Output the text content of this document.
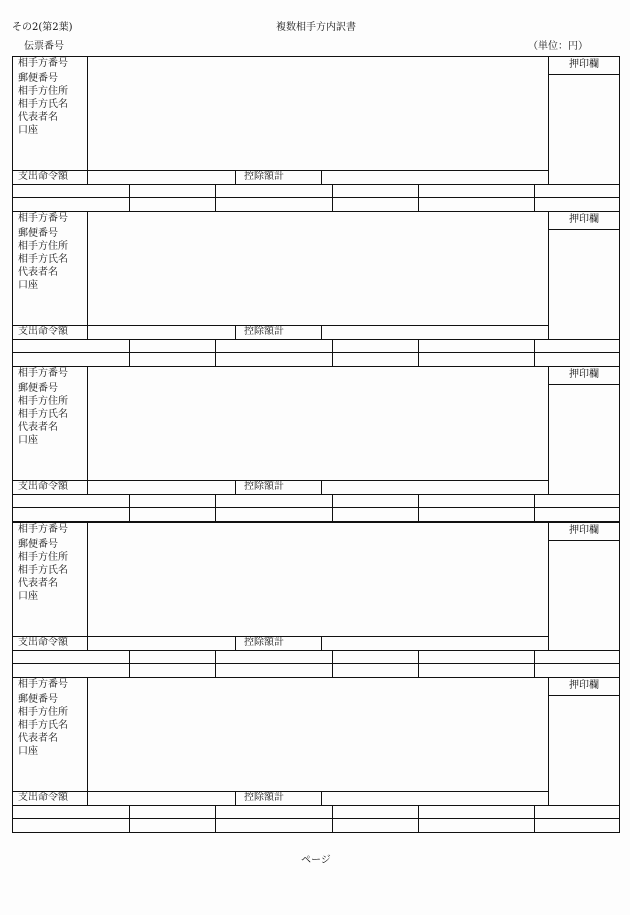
その2(第2葉)	複数相手方内訳書
伝票番号	（単位：円）
相手方番号
郵便番号
相手方住所
相手方氏名
代表者名
口座
押印欄
支出命令額	控除額計
相手方番号
郵便番号
相手方住所
相手方氏名
代表者名
口座
押印欄
支出命令額	控除額計
相手方番号
郵便番号
相手方住所
相手方氏名
代表者名
口座
押印欄
支出命令額	控除額計
相手方番号
郵便番号
相手方住所
相手方氏名
代表者名
口座
押印欄
支出命令額	控除額計
相手方番号
郵便番号
相手方住所
相手方氏名
代表者名
口座
押印欄
支出命令額	控除額計
ページ
